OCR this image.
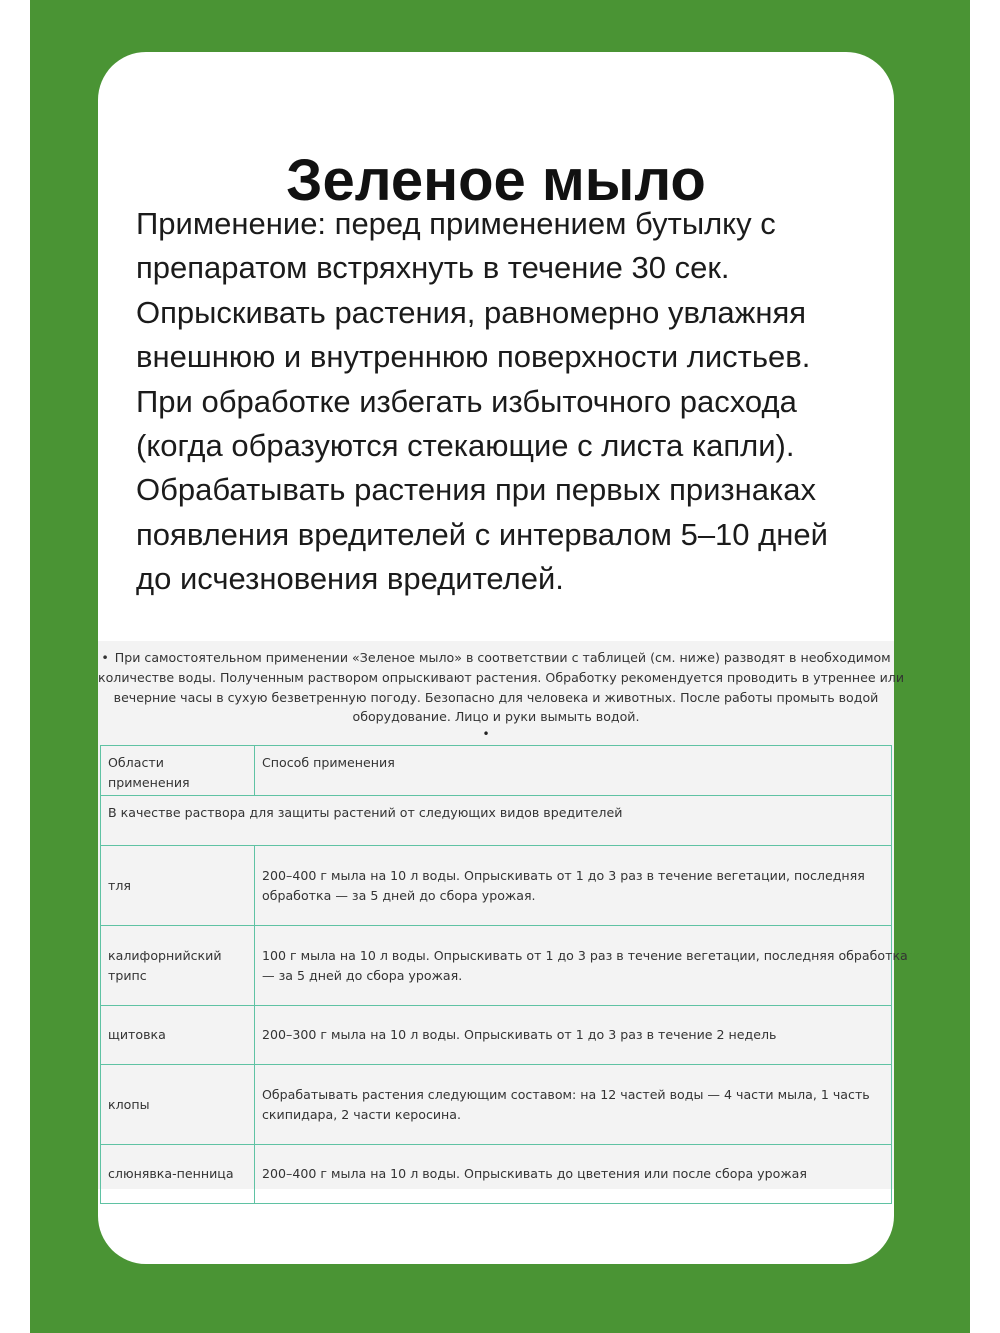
Зеленое мыло

Применение: перед применением бутылку с
препаратом встряхнуть в течение 30 сек.
Опрыскивать растения, равномерно увлажняя
внешнюю и внутреннюю поверхности листьев.
При обработке избегать избыточного расхода
(когда образуются стекающие с листа капли).
Обрабатывать растения при первых признаках
появления вредителей с интервалом 5–10 дней
до исчезновения вредителей.

• При самостоятельном применении «Зеленое мыло» в соответствии с таблицей (см. ниже) разводят в необходимом
количестве воды. Полученным раствором опрыскивают растения. Обработку рекомендуется проводить в утреннее или
вечерние часы в сухую безветренную погоду. Безопасно для человека и животных. После работы промыть водой
оборудование. Лицо и руки вымыть водой.
•
Области применения	Способ применения
В качестве раствора для защиты растений от следующих видов вредителей	

тля	200–400 г мыла на 10 л воды. Опрыскивать от 1 до 3 раз в течение вегетации, последняя
обработка — за 5 дней до сбора урожая.

калифорнийский
трипс	100 г мыла на 10 л воды. Опрыскивать от 1 до 3 раз в течение вегетации, последняя обработка
— за 5 дней до сбора урожая.

щитовка	200–300 г мыла на 10 л воды. Опрыскивать от 1 до 3 раз в течение 2 недель

клопы	Обрабатывать растения следующим составом: на 12 частей воды — 4 части мыла, 1 часть
скипидара, 2 части керосина.

слюнявка-пенница	200–400 г мыла на 10 л воды. Опрыскивать до цветения или после сбора урожая
